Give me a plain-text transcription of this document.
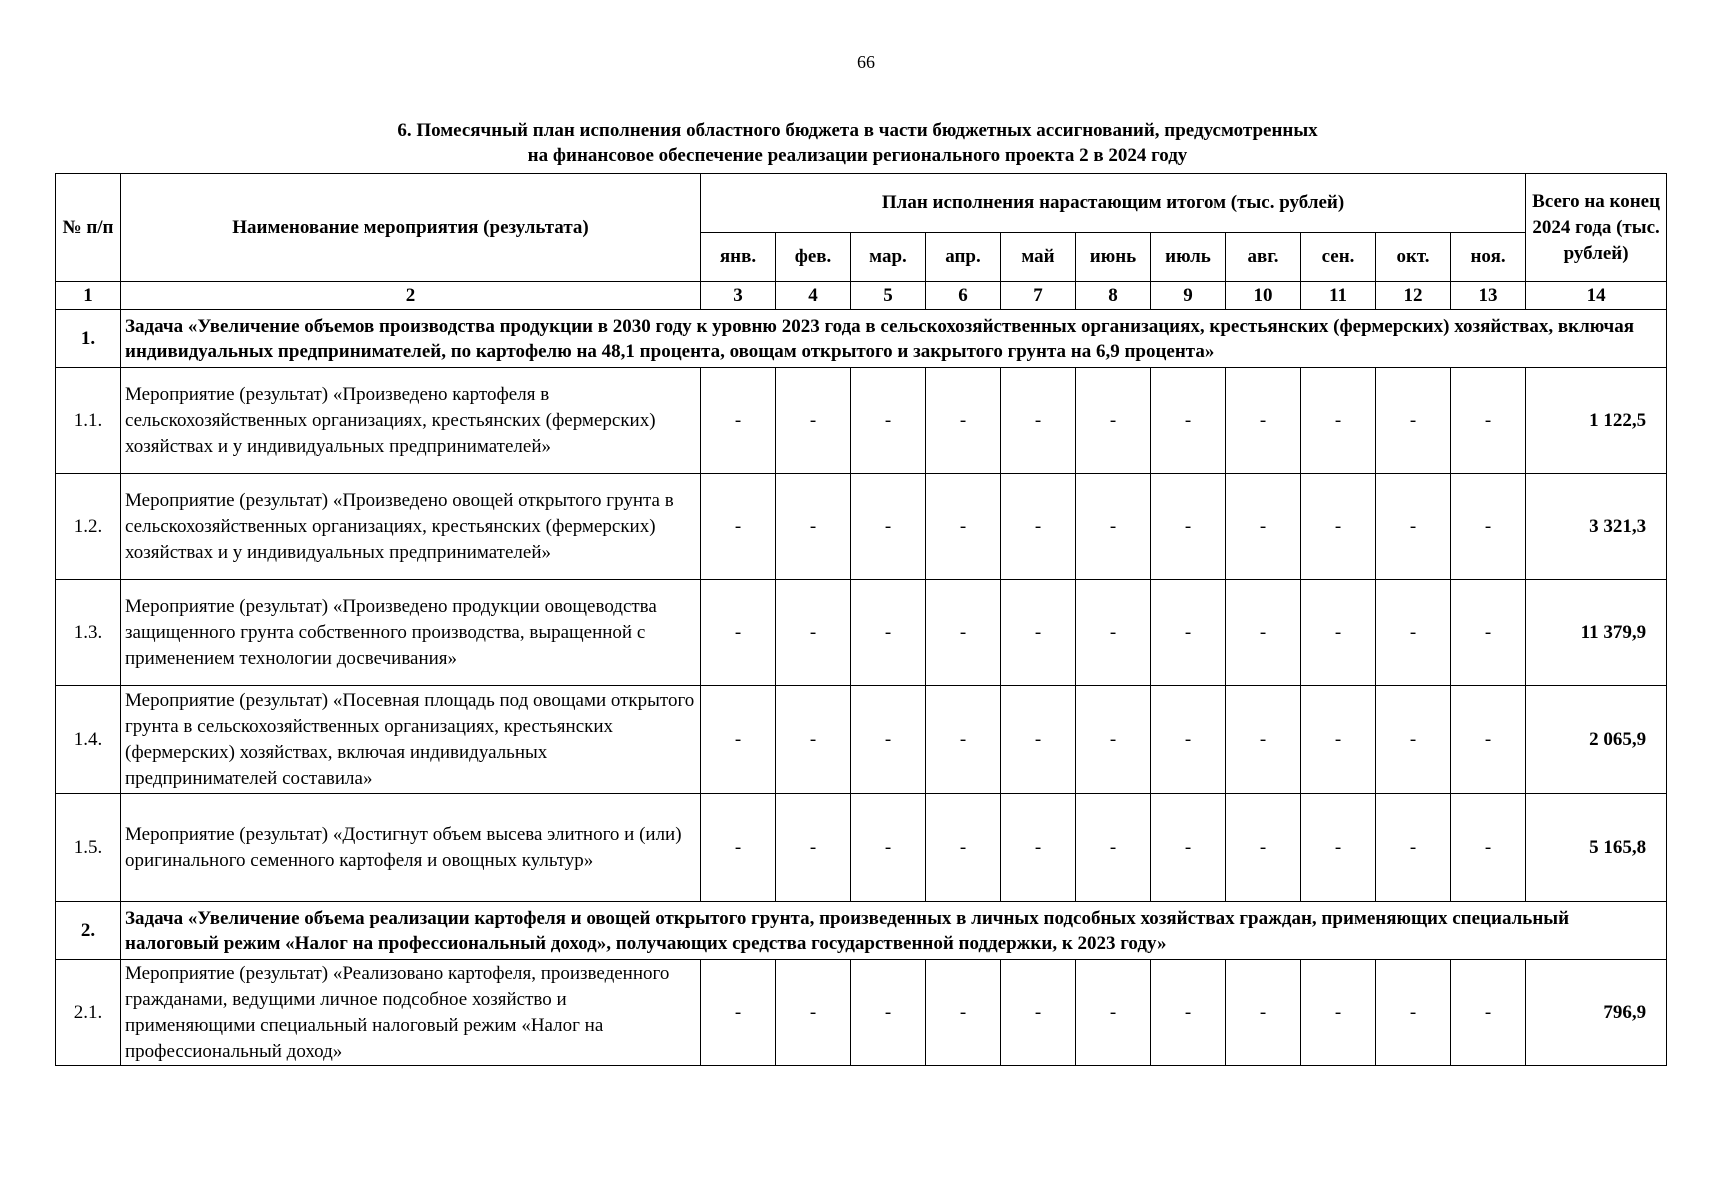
66
6. Помесячный план исполнения областного бюджета в части бюджетных ассигнований, предусмотренных
на финансовое обеспечение реализации регионального проекта 2 в 2024 году
№ п/п	Наименование мероприятия (результата)	План исполнения нарастающим итогом (тыс. рублей)											Всего на конец 2024 года (тыс. рублей)
		янв.	фев.	мар.	апр.	май	июнь	июль	авг.	сен.	окт.	ноя.	
1	2	3	4	5	6	7	8	9	10	11	12	13	14
1.	Задача «Увеличение объемов производства продукции в 2030 году к уровню 2023 года в сельскохозяйственных организациях, крестьянских (фермерских) хозяйствах, включая индивидуальных предпринимателей, по картофелю на 48,1 процента, овощам открытого и закрытого грунта на 6,9 процента»												
1.1.	Мероприятие (результат) «Произведено картофеля в сельскохозяйственных организациях, крестьянских (фермерских) хозяйствах и у индивидуальных предпринимателей»	-	-	-	-	-	-	-	-	-	-	-	1 122,5
1.2.	Мероприятие (результат) «Произведено овощей открытого грунта в сельскохозяйственных организациях, крестьянских (фермерских) хозяйствах и у индивидуальных предпринимателей»	-	-	-	-	-	-	-	-	-	-	-	3 321,3
1.3.	Мероприятие (результат) «Произведено продукции овощеводства защищенного грунта собственного производства, выращенной с применением технологии досвечивания»	-	-	-	-	-	-	-	-	-	-	-	11 379,9
1.4.	Мероприятие (результат) «Посевная площадь под овощами открытого грунта в сельскохозяйственных организациях, крестьянских (фермерских) хозяйствах, включая индивидуальных предпринимателей составила»	-	-	-	-	-	-	-	-	-	-	-	2 065,9
1.5.	Мероприятие (результат) «Достигнут объем высева элитного и (или) оригинального семенного картофеля и овощных культур»	-	-	-	-	-	-	-	-	-	-	-	5 165,8
2.	Задача «Увеличение объема реализации картофеля и овощей открытого грунта, произведенных в личных подсобных хозяйствах граждан, применяющих специальный налоговый режим «Налог на профессиональный доход», получающих средства государственной поддержки, к 2023 году»												
2.1.	Мероприятие (результат) «Реализовано картофеля, произведенного гражданами, ведущими личное подсобное хозяйство и применяющими специальный налоговый режим «Налог на профессиональный доход»	-	-	-	-	-	-	-	-	-	-	-	796,9
